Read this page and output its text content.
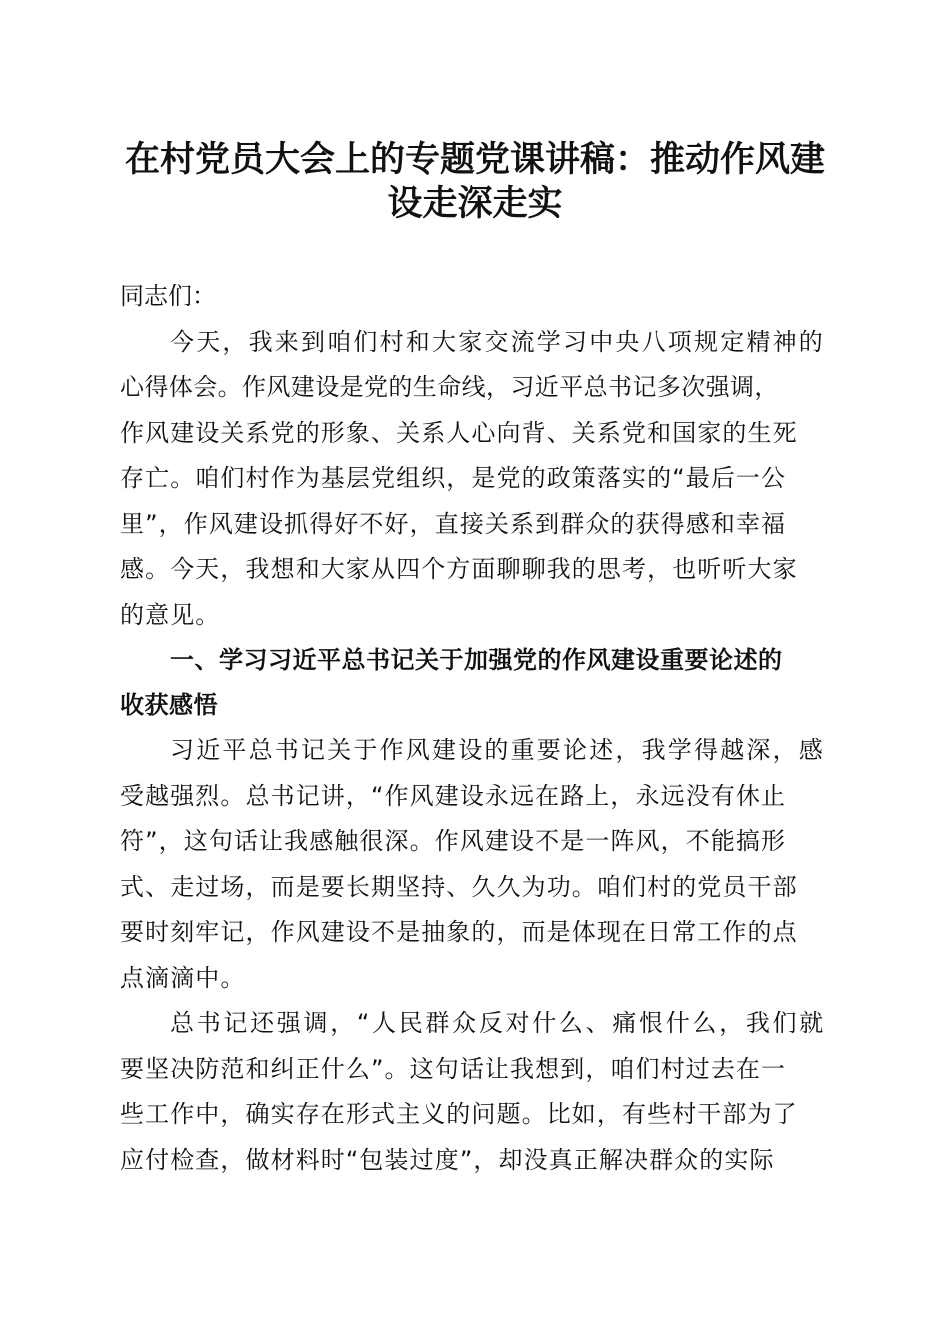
在村党员大会上的专题党课讲稿：推动作风建
设走深走实

同志们：

今天，我来到咱们村和大家交流学习中央八项规定精神的

心得体会。作风建设是党的生命线，习近平总书记多次强调，

作风建设关系党的形象、关系人心向背、关系党和国家的生死

存亡。咱们村作为基层党组织，是党的政策落实的“最后一公

里”，作风建设抓得好不好，直接关系到群众的获得感和幸福

感。今天，我想和大家从四个方面聊聊我的思考，也听听大家

的意见。

一、学习习近平总书记关于加强党的作风建设重要论述的

收获感悟

习近平总书记关于作风建设的重要论述，我学得越深，感

受越强烈。总书记讲，“作风建设永远在路上，永远没有休止

符”，这句话让我感触很深。作风建设不是一阵风，不能搞形

式、走过场，而是要长期坚持、久久为功。咱们村的党员干部

要时刻牢记，作风建设不是抽象的，而是体现在日常工作的点

点滴滴中。

总书记还强调，“人民群众反对什么、痛恨什么，我们就

要坚决防范和纠正什么”。这句话让我想到，咱们村过去在一

些工作中，确实存在形式主义的问题。比如，有些村干部为了

应付检查，做材料时“包装过度”，却没真正解决群众的实际
